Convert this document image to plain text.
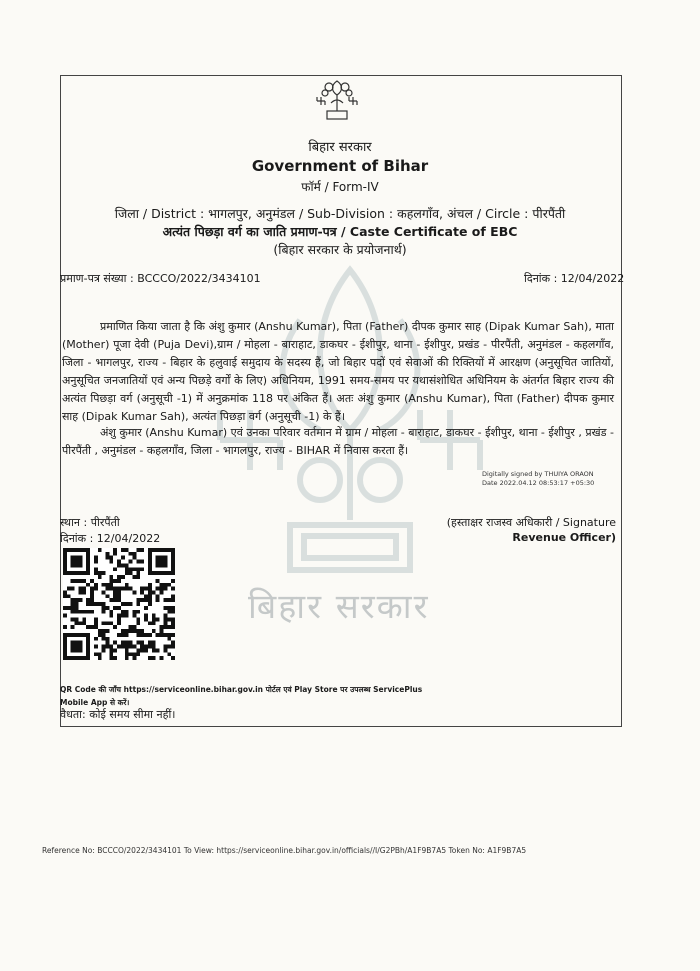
बिहार सरकार
बिहार सरकार
Government of Bihar
फॉर्म / Form-IV
जिला / District : भागलपुर, अनुमंडल / Sub-Division : कहलगाँव, अंचल / Circle : पीरपैंती
अत्यंत पिछड़ा वर्ग का जाति प्रमाण-पत्र / Caste Certificate of EBC
(बिहार सरकार के प्रयोजनार्थ)
प्रमाण-पत्र संख्या : BCCCO/2022/3434101	दिनांक : 12/04/2022
प्रमाणित किया जाता है कि अंशु कुमार (Anshu Kumar), पिता (Father) दीपक कुमार साह (Dipak Kumar Sah), माता (Mother) पूजा देवी (Puja Devi),ग्राम / मोहला - बाराहाट, डाकघर - ईशीपुर, थाना - ईशीपुर, प्रखंड - पीरपैंती, अनुमंडल - कहलगाँव, जिला - भागलपुर, राज्य - बिहार के हलुवाई समुदाय के सदस्य हैं, जो बिहार पदों एवं सेवाओं की रिक्तियों में आरक्षण (अनुसूचित जातियों, अनुसूचित जनजातियों एवं अन्य पिछड़े वर्गों के लिए) अधिनियम, 1991 समय-समय पर यथासंशोधित अधिनियम के अंतर्गत बिहार राज्य की अत्यंत पिछड़ा वर्ग (अनुसूची -1) में अनुक्रमांक 118 पर अंकित हैं। अतः अंशु कुमार (Anshu Kumar), पिता (Father) दीपक कुमार साह (Dipak Kumar Sah), अत्यंत पिछड़ा वर्ग (अनुसूची -1) के हैं।
अंशु कुमार (Anshu Kumar) एवं उनका परिवार वर्तमान में ग्राम / मोहला - बाराहाट, डाकघर - ईशीपुर, थाना - ईशीपुर , प्रखंड - पीरपैंती , अनुमंडल - कहलगाँव, जिला - भागलपुर, राज्य - BIHAR में निवास करता हैं।
Digitally signed by THUIYA ORAON
Date 2022.04.12 08:53:17 +05:30
स्थान : पीरपैंती
दिनांक : 12/04/2022
(हस्ताक्षर राजस्व अधिकारी / Signature
Revenue Officer)
QR Code की जाँच https://serviceonline.bihar.gov.in पोर्टल एवं Play Store पर उपलब्ध ServicePlus Mobile App से करें।
वैधता: कोई समय सीमा नहीं।
Reference No: BCCCO/2022/3434101 To View: https://serviceonline.bihar.gov.in/officials//I/G2PBh/A1F9B7A5 Token No: A1F9B7A5
